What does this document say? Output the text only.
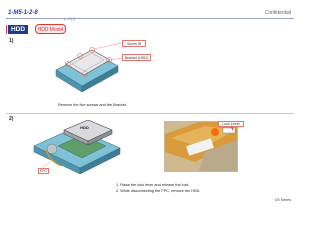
1-M5-1-2-8
p. 2/[4]
Confidential
HDD	HDD Model
1)	Screw 5f
Bracket (HDD)
Remove the five screws and the Bracket.
2)
HDD
FPC
Lock Lever
1. Raise the lock lever and release the lock.
2. While disconnecting the FPC, remove the HDD.
UX Series
